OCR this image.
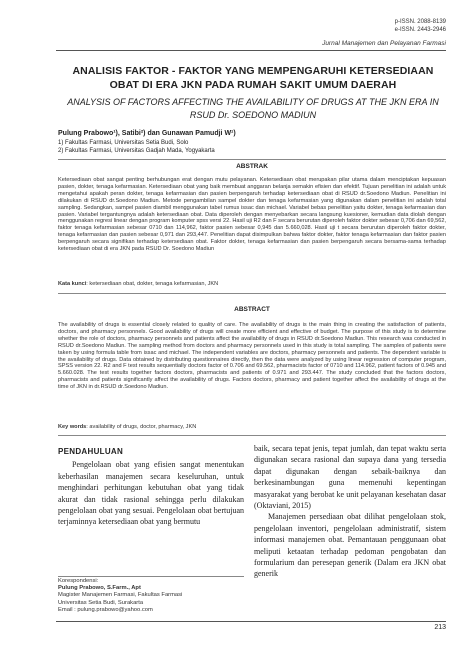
p-ISSN. 2088-8139
e-ISSN. 2443-2946
Jurnal Manajemen dan Pelayanan Farmasi
ANALISIS FAKTOR - FAKTOR YANG MEMPENGARUHI KETERSEDIAAN OBAT DI ERA JKN PADA RUMAH SAKIT UMUM DAERAH
ANALYSIS OF FACTORS AFFECTING THE AVAILABILITY OF DRUGS AT THE JKN ERA IN RSUD Dr. SOEDONO MADIUN
Pulung Prabowo¹), Satibi²) dan Gunawan Pamudji W¹)
1) Fakultas Farmasi, Universitas Setia Budi, Solo
2) Fakultas Farmasi, Universitas Gadjah Mada, Yogyakarta
ABSTRAK
Ketersediaan obat sangat penting berhubungan erat dengan mutu pelayanan. Ketersediaan obat merupakan pilar utama dalam menciptakan kepuasan pasien, dokter, tenaga kefarmasian. Ketersediaan obat yang baik membuat anggaran belanja semakin efisien dan efektif. Tujuan penelitian ini adalah untuk mengetahui apakah peran dokter, tenaga kefarmasian dan pasien berpengaruh terhadap ketersediaan obat di RSUD dr.Soedono Madiun. Penelitian ini dilakukan di RSUD dr.Soedono Madiun. Metode pengambilan sampel dokter dan tenaga kefarmasian yang digunakan dalam penelitian ini adalah total sampling. Sedangkan, sampel pasien diambil menggunakan tabel rumus issac dan michael. Variabel bebas penelitian yaitu dokter, tenaga kefarmasian dan pasien. Variabel tergantungnya adalah ketersediaan obat. Data diperoleh dengan menyebarkan secara langsung kuesioner, kemudian data diolah dengan menggunakan regresi linear dengan program komputer spss versi 22. Hasil uji R2 dan F secara berurutan diperoleh faktor dokter sebesar 0,706 dan 69,562, faktor tenaga kefarmasian sebesar 0710 dan 114,962, faktor pasien sebesar 0,945 dan 5.660,028. Hasil uji t secara berurutan diperoleh faktor dokter, tenaga kefarmasian dan pasien sebesar 0,971 dan 293,447. Penelitian dapat disimpulkan bahwa faktor dokter, faktor tenaga kefarmasian dan faktor pasien berpengaruh secara signifikan terhadap ketersediaan obat. Faktor dokter, tenaga kefarmasian dan pasien berpengaruh secara bersama-sama terhadap ketersediaan obat di era JKN pada RSUD Dr. Soedono Madiun
Kata kunci: ketersediaan obat, dokter, tenaga kefarmasian, JKN
ABSTRACT
The availability of drugs is essential closely related to quality of care. The availability of drugs is the main thing in creating the satisfaction of patients, doctors, and pharmacy personnels. Good availability of drugs will create more efficient and effective of budget. The purpose of this study is to determine whether the role of doctors, pharmacy personnels and patients affect the availability of drugs in RSUD dr.Soedono Madiun. This research was conducted in RSUD dr.Soedono Madiun. The sampling method from doctors and pharmacy personnels used in this study is total sampling. The samples of patients were taken by using formula table from issac and michael. The independent variables are doctors, pharmacy personnels and patients. The dependent variable is the availability of drugs. Data obtained by distributing questionnaires directly, then the data were analyzed by using linear regression of computer program, SPSS version 22. R2 and F test results sequentially doctors factor of 0.706 and 69.562, pharmacists factor of 0710 and 114.962, patient factors of 0.945 and 5.660.028. The test results together factors doctors, pharmacists and patients of 0.971 and 293.447. The study concluded that the factors doctors, pharmacists and patients significantly affect the availability of drugs. Factors doctors, pharmacy and patient together affect the availability of drugs at the time of JKN in dr.RSUD dr.Soedono Madiun.
Key words: availability of drugs, doctor, pharmacy, JKN
PENDAHULUAN

Pengelolaan obat yang efisien sangat menentukan keberhasilan manajemen secara keseluruhan, untuk menghindari perhitungan kebutuhan obat yang tidak akurat dan tidak rasional sehingga perlu dilakukan pengelolaan obat yang sesuai. Pengelolaan obat bertujuan terjaminnya ketersediaan obat yang bermutu

baik, secara tepat jenis, tepat jumlah, dan tepat waktu serta digunakan secara rasional dan supaya dana yang tersedia dapat digunakan dengan sebaik-baiknya dan berkesinambungan guna memenuhi kepentingan masyarakat yang berobat ke unit pelayanan kesehatan dasar (Oktaviani, 2015)

Manajemen persediaan obat dilihat pengelolaan stok, pengelolaan inventori, pengelolaan administratif, sistem informasi manajemen obat. Pemantauan penggunaan obat meliputi ketaatan terhadap pedoman pengobatan dan formularium dan peresepan generik (Dalam era JKN obat generik

Korespondensi:
Pulung Prabowo, S.Farm., Apt
Magister Manajemen Farmasi, Fakultas Farmasi
Universitas Setia Budi, Surakarta
Email : pulung.prabowo@yahoo.com
213
